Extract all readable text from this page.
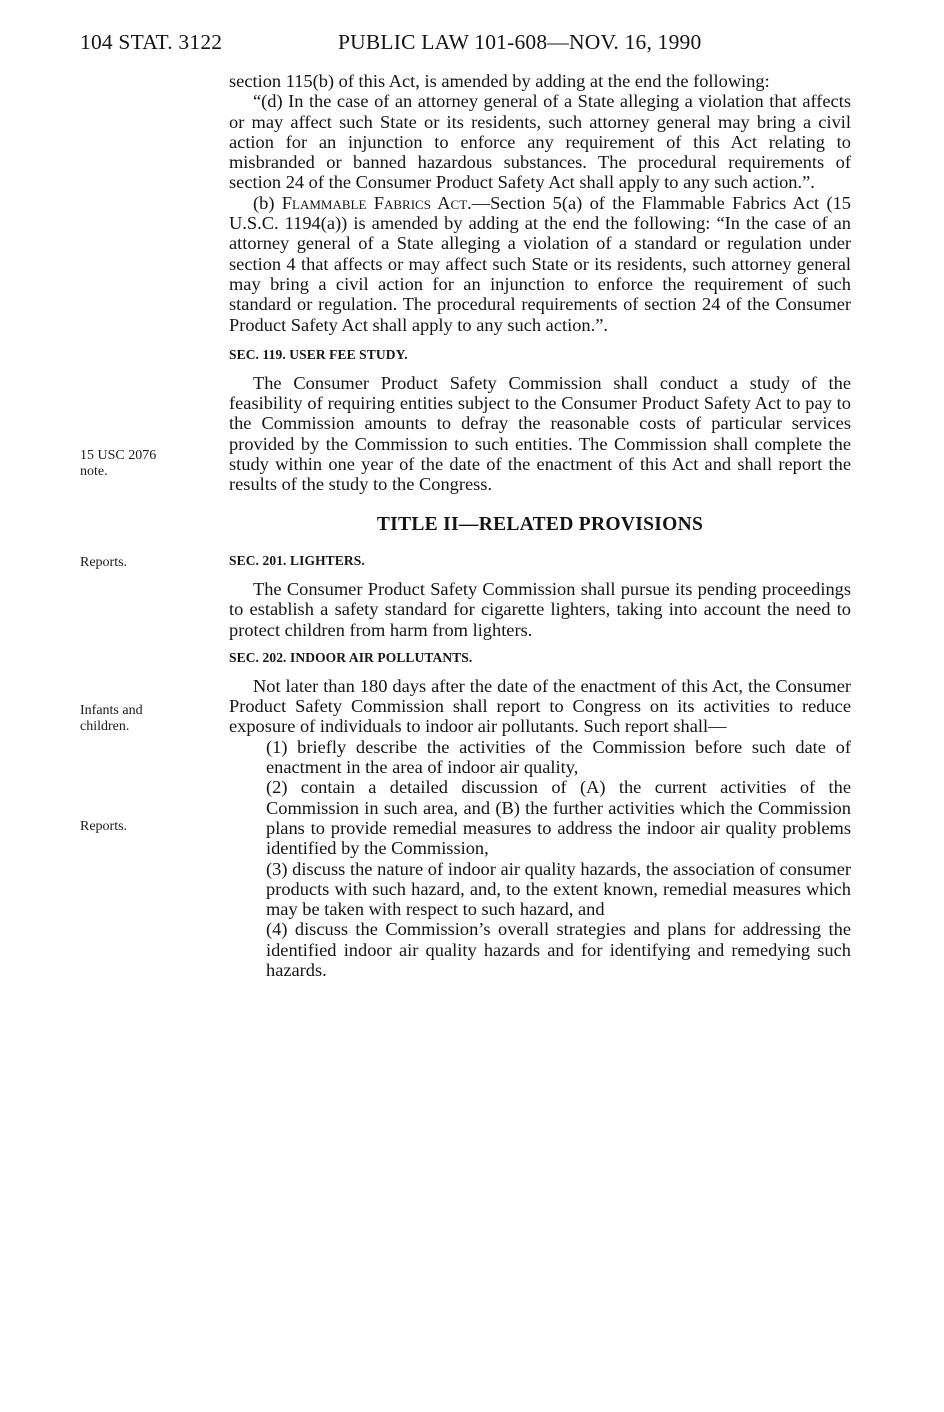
104 STAT. 3122	PUBLIC LAW 101-608—NOV. 16, 1990
15 USC 2076
note.
Reports.
Infants and
children.
Reports.

section 115(b) of this Act, is amended by adding at the end the following:

“(d) In the case of an attorney general of a State alleging a violation that affects or may affect such State or its residents, such attorney general may bring a civil action for an injunction to enforce any requirement of this Act relating to misbranded or banned hazardous substances. The procedural requirements of section 24 of the Consumer Product Safety Act shall apply to any such action.”.

(b) Flammable Fabrics Act.—Section 5(a) of the Flammable Fabrics Act (15 U.S.C. 1194(a)) is amended by adding at the end the following: “In the case of an attorney general of a State alleging a violation of a standard or regulation under section 4 that affects or may affect such State or its residents, such attorney general may bring a civil action for an injunction to enforce the requirement of such standard or regulation. The procedural requirements of section 24 of the Consumer Product Safety Act shall apply to any such action.”.

SEC. 119. USER FEE STUDY.

The Consumer Product Safety Commission shall conduct a study of the feasibility of requiring entities subject to the Consumer Product Safety Act to pay to the Commission amounts to defray the reasonable costs of particular services provided by the Commission to such entities. The Commission shall complete the study within one year of the date of the enactment of this Act and shall report the results of the study to the Congress.

TITLE II—RELATED PROVISIONS
SEC. 201. LIGHTERS.

The Consumer Product Safety Commission shall pursue its pending proceedings to establish a safety standard for cigarette lighters, taking into account the need to protect children from harm from lighters.

SEC. 202. INDOOR AIR POLLUTANTS.

Not later than 180 days after the date of the enactment of this Act, the Consumer Product Safety Commission shall report to Congress on its activities to reduce exposure of individuals to indoor air pollutants. Such report shall—

(1) briefly describe the activities of the Commission before such date of enactment in the area of indoor air quality,

(2) contain a detailed discussion of (A) the current activities of the Commission in such area, and (B) the further activities which the Commission plans to provide remedial measures to address the indoor air quality problems identified by the Commission,

(3) discuss the nature of indoor air quality hazards, the association of consumer products with such hazard, and, to the extent known, remedial measures which may be taken with respect to such hazard, and

(4) discuss the Commission’s overall strategies and plans for addressing the identified indoor air quality hazards and for identifying and remedying such hazards.
